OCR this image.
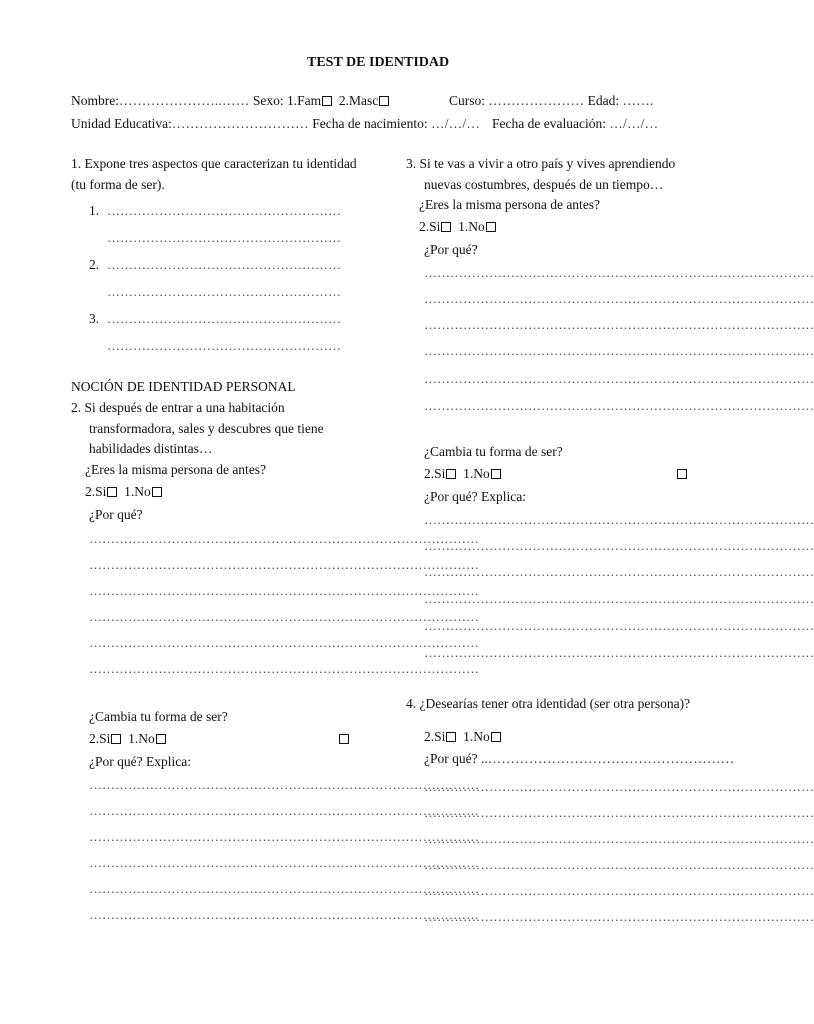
TEST DE IDENTIDAD
Nombre:…………………..…… Sexo: 1.Fam 2.Masc	Curso: ………………… Edad: …….
Unidad Educativa:………………………… Fecha de nacimiento: …/…/… Fecha de evaluación: …/…/…
1. Expone tres aspectos que caracterizan tu identidad
(tu forma de ser).
1. ………………………………………………
………………………………………………
2. ………………………………………………
………………………………………………
3. ………………………………………………
………………………………………………
NOCIÓN DE IDENTIDAD PERSONAL
2. Si después de entrar a una habitación
transformadora, sales y descubres que tiene
habilidades distintas…
¿Eres la misma persona de antes?
2.Si 1.No
¿Por qué?
………………………………………………………………………………
………………………………………………………………………………
………………………………………………………………………………
………………………………………………………………………………
………………………………………………………………………………
………………………………………………………………………………
¿Cambia tu forma de ser?
2.Si 1.No
¿Por qué? Explica:
………………………………………………………………………………
………………………………………………………………………………
………………………………………………………………………………
………………………………………………………………………………
………………………………………………………………………………
………………………………………………………………………………
3. Si te vas a vivir a otro país y vives aprendiendo
nuevas costumbres, después de un tiempo…
¿Eres la misma persona de antes?
2.Si 1.No
¿Por qué?
………………………………………………………………………………
………………………………………………………………………………
………………………………………………………………………………
………………………………………………………………………………
………………………………………………………………………………
………………………………………………………………………………
¿Cambia tu forma de ser?
2.Si 1.No
¿Por qué? Explica:
………………………………………………………………………………
………………………………………………………………………………
………………………………………………………………………………
………………………………………………………………………………
………………………………………………………………………………
………………………………………………………………………………
4. ¿Desearías tener otra identidad (ser otra persona)?
2.Si 1.No
¿Por qué? ..………………………………………………
………………………………………………………………………………
………………………………………………………………………………
………………………………………………………………………………
………………………………………………………………………………
………………………………………………………………………………
………………………………………………………………………………
